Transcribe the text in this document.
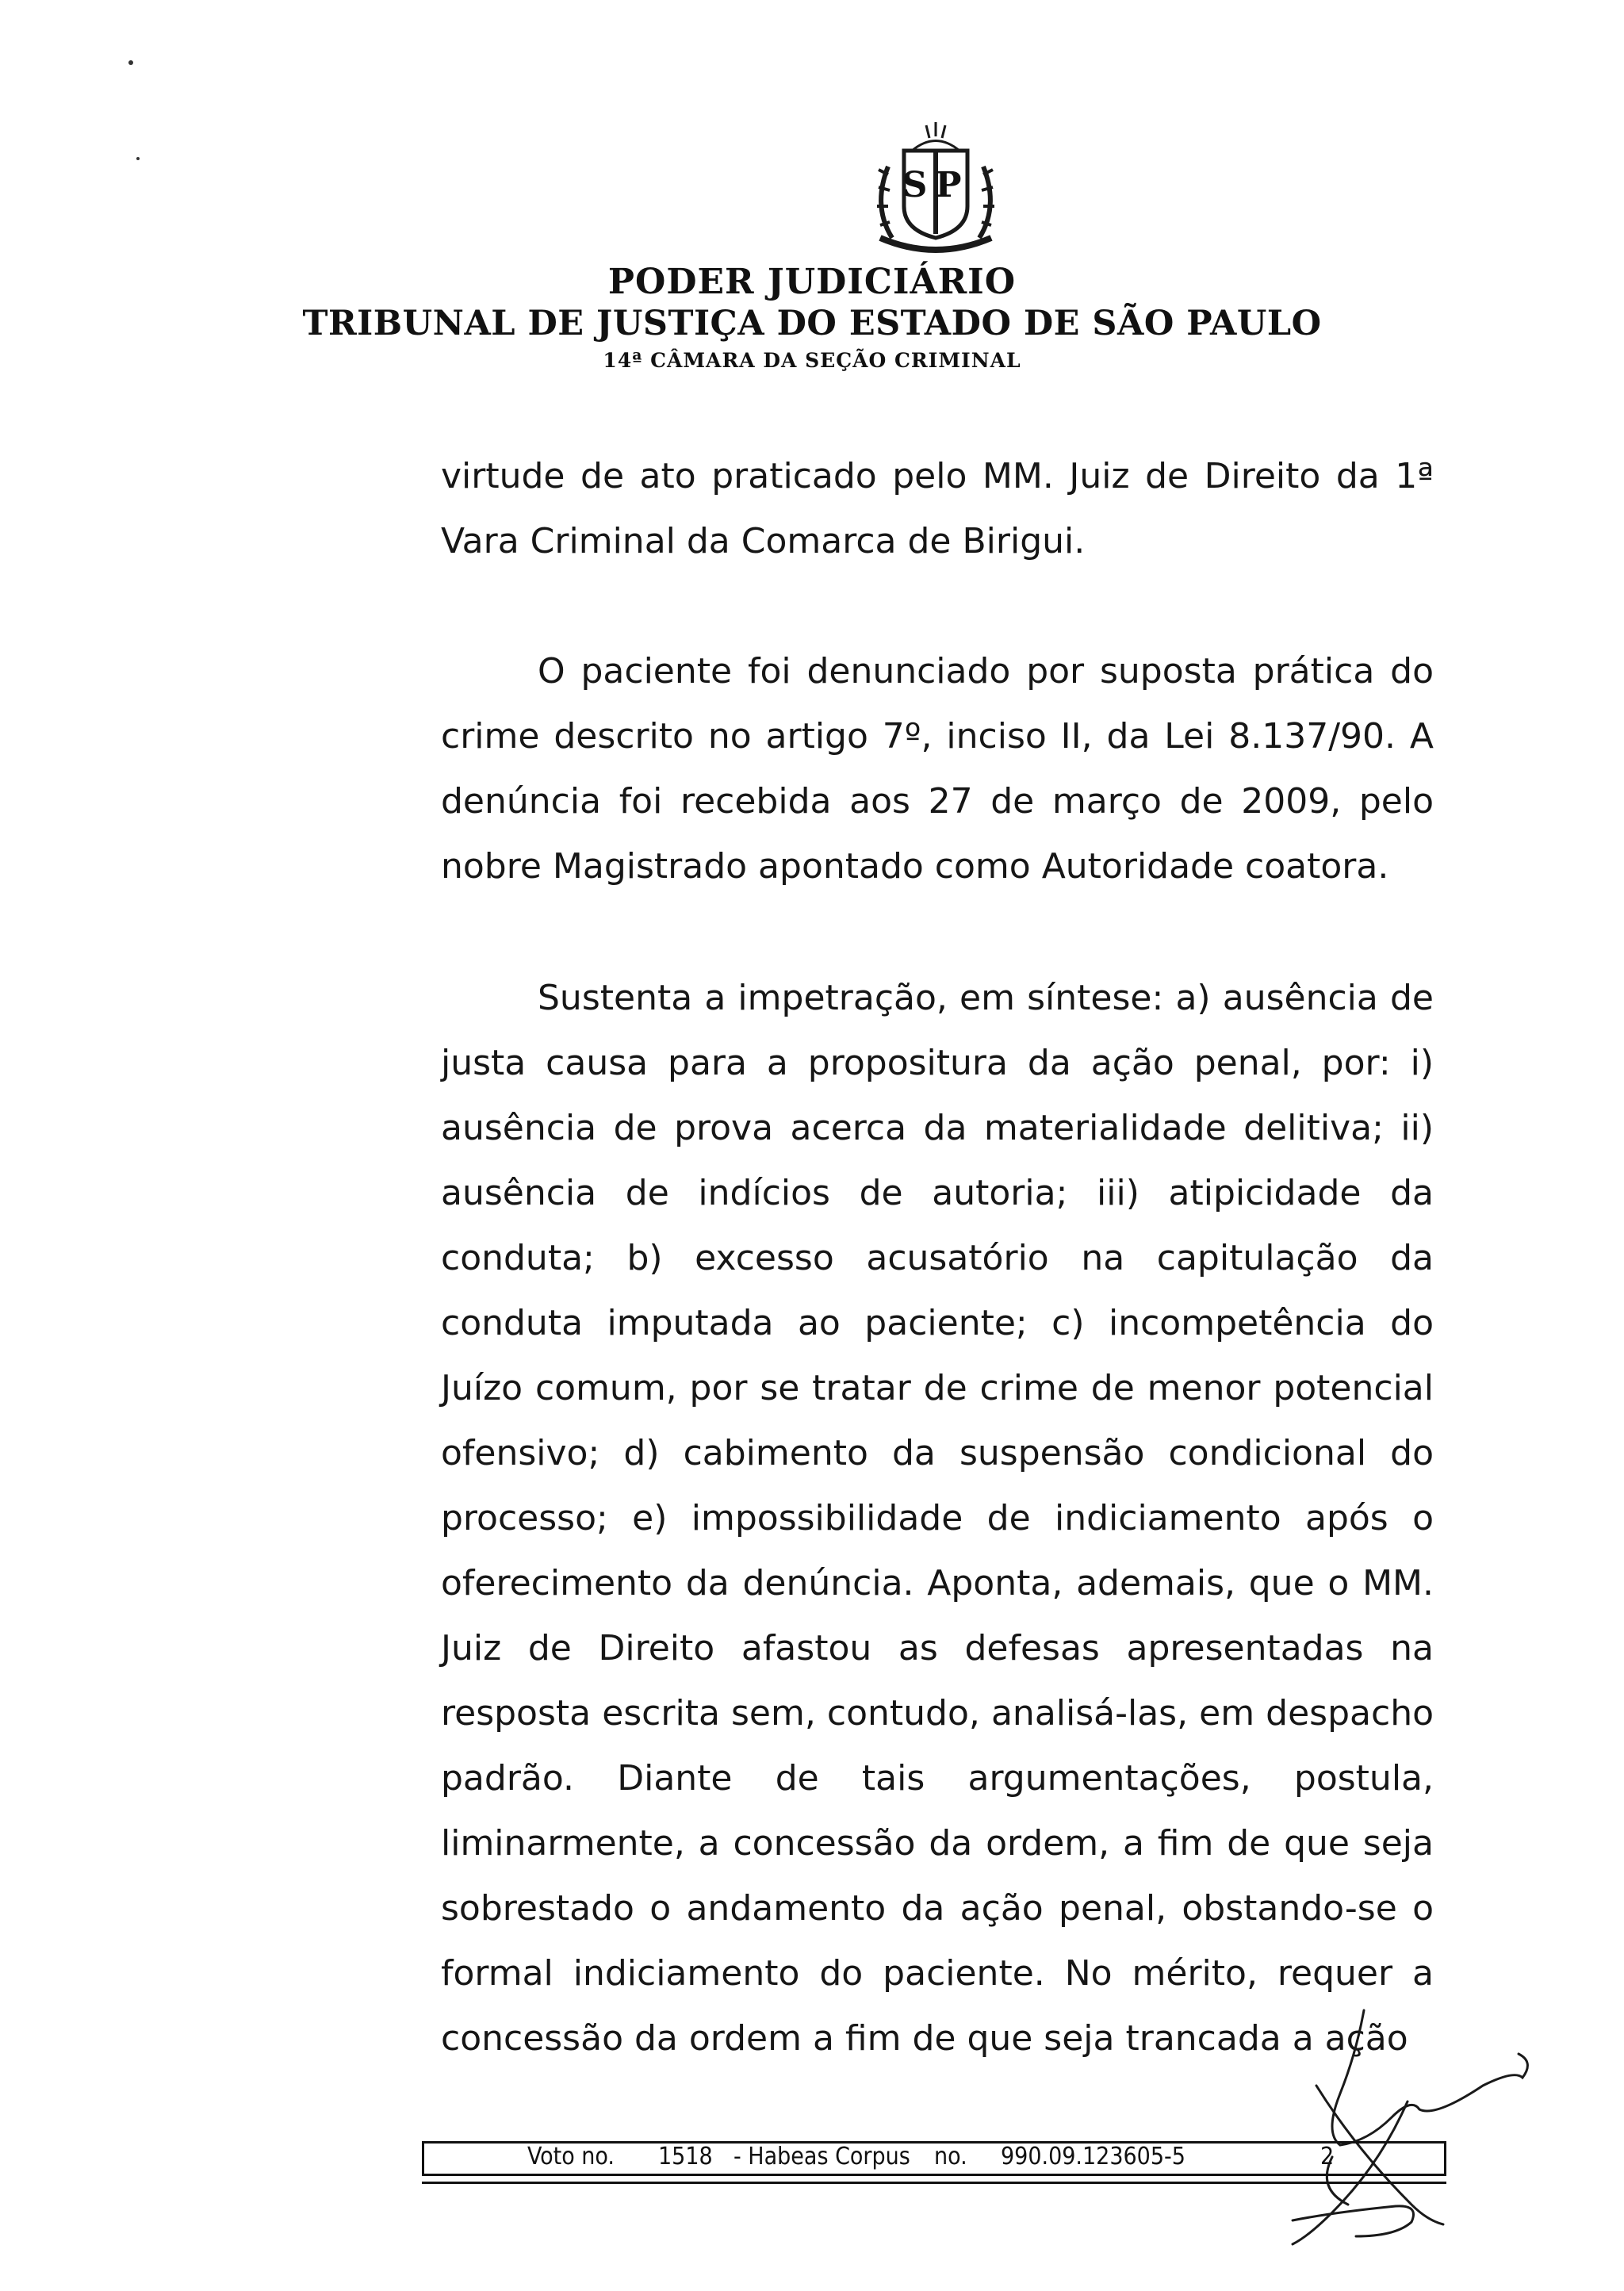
SP
PODER JUDICIÁRIO
TRIBUNAL DE JUSTIÇA DO ESTADO DE SÃO PAULO
14ª CÂMARA DA SEÇÃO CRIMINAL

virtude de ato praticado pelo MM. Juiz de Direito da 1ª Vara Criminal da Comarca de Birigui.

O paciente foi denunciado por suposta prática do crime descrito no artigo 7º, inciso II, da Lei 8.137/90. A denúncia foi recebida aos 27 de março de 2009, pelo nobre Magistrado apontado como Autoridade coatora.

Sustenta a impetração, em síntese: a) ausência de justa causa para a propositura da ação penal, por: i) ausência de prova acerca da materialidade delitiva; ii) ausência de indícios de autoria; iii) atipicidade da conduta; b) excesso acusatório na capitulação da conduta imputada ao paciente; c) incompetência do Juízo comum, por se tratar de crime de menor potencial ofensivo; d) cabimento da suspensão condicional do processo; e) impossibilidade de indiciamento após o oferecimento da denúncia. Aponta, ademais, que o MM. Juiz de Direito afastou as defesas apresentadas na resposta escrita sem, contudo, analisá-las, em despacho padrão. Diante de tais argumentações, postula, liminarmente, a concessão da ordem, a fim de que seja sobrestado o andamento da ação penal, obstando-se o formal indiciamento do paciente. No mérito, requer a concessão da ordem a fim de que seja trancada a ação

Voto no. 1518 - Habeas Corpus no. 990.09.123605-5	2
